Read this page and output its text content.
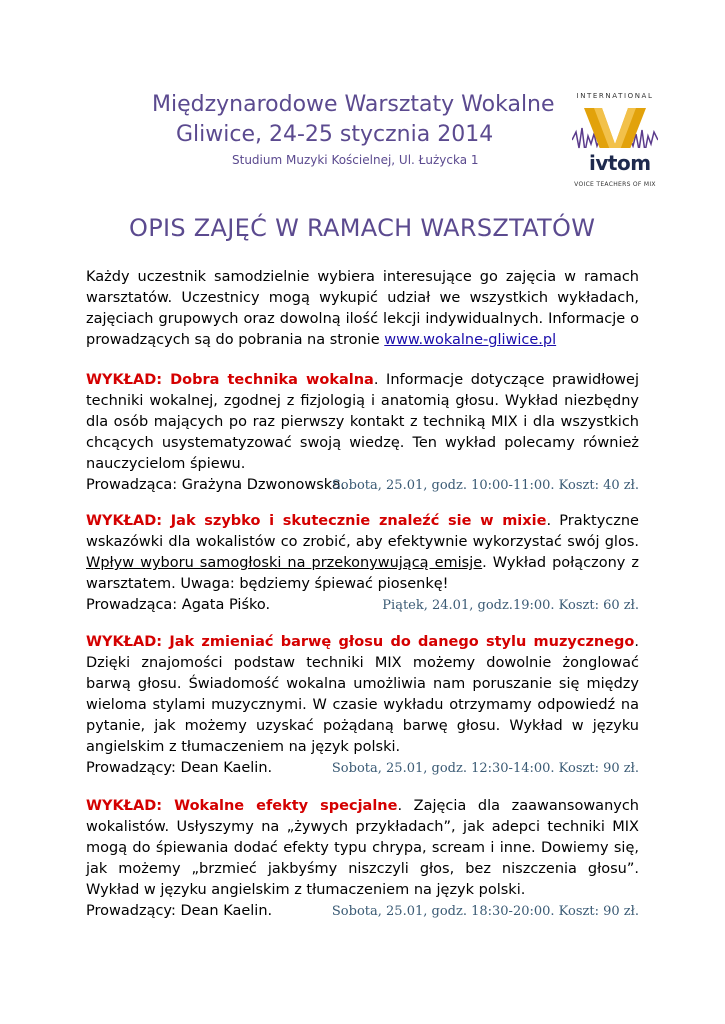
Międzynarodowe Warsztaty Wokalne
Gliwice, 24-25 stycznia 2014
Studium Muzyki Kościelnej, Ul. Łużycka 1
INTERNATIONAL
ivtom
VOICE TEACHERS OF MIX
OPIS ZAJĘĆ W RAMACH WARSZTATÓW
Każdy uczestnik samodzielnie wybiera interesujące go zajęcia w ramach warsztatów. Uczestnicy mogą wykupić udział we wszystkich wykładach, zajęciach grupowych oraz dowolną ilość lekcji indywidualnych. Informacje o prowadzących są do pobrania na stronie www.wokalne-gliwice.pl
WYKŁAD: Dobra technika wokalna. Informacje dotyczące prawidłowej techniki wokalnej, zgodnej z fizjologią i anatomią głosu. Wykład niezbędny dla osób mających po raz pierwszy kontakt z techniką MIX i dla wszystkich chcących usystematyzować swoją wiedzę. Ten wykład polecamy również nauczycielom śpiewu.
Prowadząca: Grażyna Dzwonowska.
Sobota, 25.01, godz. 10:00-11:00. Koszt: 40 zł.
WYKŁAD: Jak szybko i skutecznie znaleźć sie w mixie. Praktyczne wskazówki dla wokalistów co zrobić, aby efektywnie wykorzystać swój glos. Wpływ wyboru samogłoski na przekonywującą emisje. Wykład połączony z warsztatem. Uwaga: będziemy śpiewać piosenkę!
Prowadząca: Agata Piśko.	Piątek, 24.01, godz.19:00. Koszt: 60 zł.
WYKŁAD: Jak zmieniać barwę głosu do danego stylu muzycznego. Dzięki znajomości podstaw techniki MIX możemy dowolnie żonglować barwą głosu. Świadomość wokalna umożliwia nam poruszanie się między wieloma stylami muzycznymi. W czasie wykładu otrzymamy odpowiedź na pytanie, jak możemy uzyskać pożądaną barwę głosu. Wykład w języku angielskim z tłumaczeniem na język polski.
Prowadzący: Dean Kaelin.	Sobota, 25.01, godz. 12:30-14:00. Koszt: 90 zł.
WYKŁAD: Wokalne efekty specjalne. Zajęcia dla zaawansowanych wokalistów. Usłyszymy na „żywych przykładach”, jak adepci techniki MIX mogą do śpiewania dodać efekty typu chrypa, scream i inne. Dowiemy się, jak możemy „brzmieć jakbyśmy niszczyli głos, bez niszczenia głosu”. Wykład w języku angielskim z tłumaczeniem na język polski.
Prowadzący: Dean Kaelin.	Sobota, 25.01, godz. 18:30-20:00. Koszt: 90 zł.
